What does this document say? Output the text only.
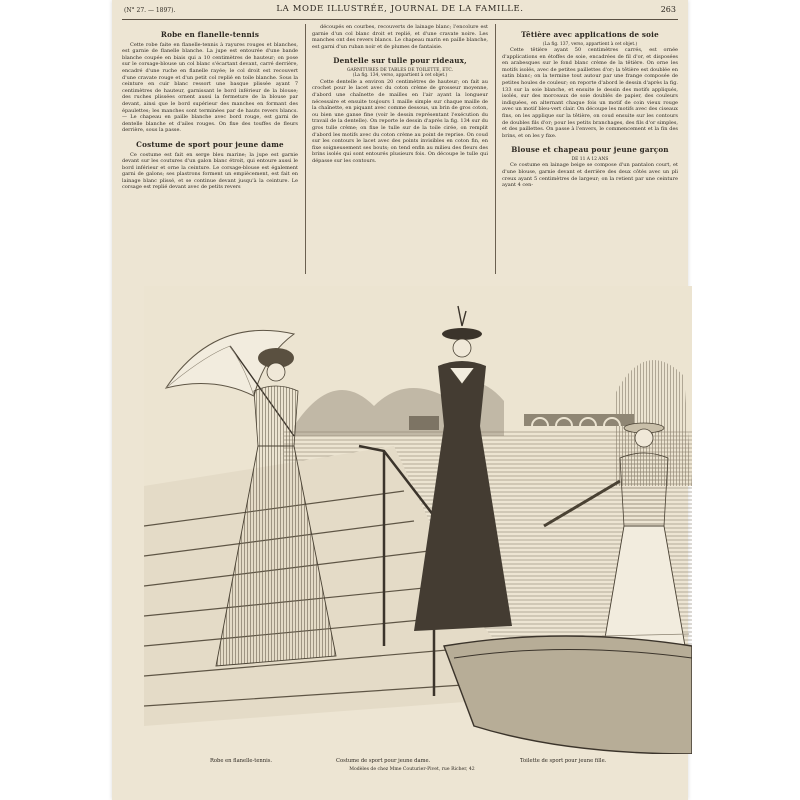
(N° 27. — 1897).	LA MODE ILLUSTRÉE, JOURNAL DE LA FAMILLE.	263
Robe en flanelle-tennis

Cette robe faite en flanelle-tennis à rayures rouges et blanches, est garnie de flanelle blanche. La jupe est entourée d'une bande blanche coupée en biais qui a 10 centimètres de hauteur; on pose sur le corsage-blouse un col blanc s'écartant devant, carré derrière, encadré d'une ruche en flanelle rayée; le col droit est recouvert d'une cravate rouge et d'un petit col replié en toile blanche. Sous la ceinture en cuir blanc ressort une basque plissée ayant 7 centimètres de hauteur, garnissant le bord inférieur de la blouse; des ruches plissées ornent aussi la fermeture de la blouse par devant, ainsi que le bord supérieur des manches en formant des épaulettes; les manches sont terminées par de hauts revers blancs. — Le chapeau en paille blanche avec bord rouge, est garni de dentelle blanche et d'ailes rouges. On fixe des touffes de fleurs derrière, sous la passe.

Costume de sport pour jeune dame

Ce costume est fait en serge bleu marine; la jupe est garnie devant sur les coutures d'un galon blanc étroit, qui entoure aussi le bord inférieur et orne la ceinture. Le corsage-blouse est également garni de galons; ses plastrons forment un empiècement, est fait en lainage blanc plissé, et se continue devant jusqu'à la ceinture. Le corsage est replié devant avec de petits revers

découpés en courbes, recouverts de lainage blanc; l'encolure est garnie d'un col blanc droit et replié, et d'une cravate noire. Les manches ont des revers blancs. Le chapeau marin en paille blanche, est garni d'un ruban noir et de plumes de fantaisie.

Dentelle sur tulle pour rideaux,
GARNITURES DE TABLES DE TOILETTE, ETC.
(La fig. 134, verso, appartient à cet objet.)

Cette dentelle a environ 20 centimètres de hauteur; on fait au crochet pour le lacet avec du coton crème de grosseur moyenne, d'abord une chaînette de mailles en l'air ayant la longueur nécessaire et ensuite toujours 1 maille simple sur chaque maille de la chaînette, en piquant avec comme dessous, un brin de gros coton, ou bien une ganse fine (voir le dessin représentant l'exécution du travail de la dentelle). On reporte le dessin d'après la fig. 134 sur du gros tulle crème; on fixe le tulle sur de la toile cirée, on remplit d'abord les motifs avec du coton crème au point de reprise. On coud sur les contours le lacet avec des points invisibles en coton fin, en fixe soigneusement ses bouts; on tend enfin au milieu des fleurs des brins isolés qui sont entourés plusieurs fois. On découpe le tulle qui dépasse sur les contours.

Têtière avec applications de soie
(La fig. 137, verso, appartient à cet objet.)

Cette têtière ayant 50 centimètres carrés, est ornée d'applications en étoffes de soie, encadrées de fil d'or, et disposées en arabesques sur le fond blanc crème de la têtière. On orne les motifs isolés, avec de petites paillettes d'or; la têtière est doublée en satin blanc; on la termine tout autour par une frange composée de petites houles de couleur; on reporte d'abord le dessin d'après la fig. 133 sur la soie blanche, et ensuite le dessin des motifs appliqués, isolés, sur des morceaux de soie doublés de papier, des couleurs indiquées, en alternant chaque fois un motif de coin vieux rouge avec un motif bleu-vert clair. On découpe les motifs avec des ciseaux fins, on les applique sur la têtière, on coud ensuite sur les contours de doubles fils d'or; pour les petits branchages, des fils d'or simples, et des paillettes. On passe à l'envers, le commencement et la fin des brins, et on les y fixe.

Blouse et chapeau pour jeune garçon
DE 11 A 12 ANS

Ce costume en lainage beige se compose d'un pantalon court, et d'une blouse, garnie devant et derrière des deux côtés avec un pli creux ayant 5 centimètres de largeur; on la retient par une ceinture ayant 4 cen-

Robe en flanelle-tennis.	Costume de sport pour jeune dame.
Modèles de chez Mme Couturier-Pivet, rue Richer, 42
Toilette de sport pour jeune fille.
